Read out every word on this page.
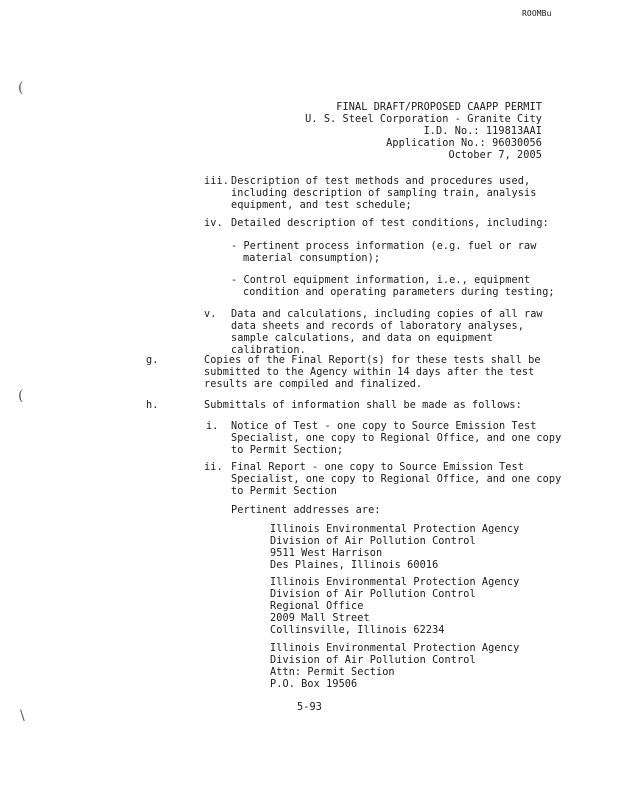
ROOMBu
FINAL DRAFT/PROPOSED CAAPP PERMIT
U. S. Steel Corporation - Granite City
I.D. No.: 119813AAI
Application No.: 96030056
October 7, 2005
iii. Description of test methods and procedures used,
including description of sampling train, analysis
equipment, and test schedule;
iv. Detailed description of test conditions, including:
- Pertinent process information (e.g. fuel or raw
material consumption);
- Control equipment information, i.e., equipment
condition and operating parameters during testing;
v. Data and calculations, including copies of all raw
data sheets and records of laboratory analyses,
sample calculations, and data on equipment
calibration.
g.	Copies of the Final Report(s) for these tests shall be
submitted to the Agency within 14 days after the test
results are compiled and finalized.
h.	Submittals of information shall be made as follows:
i. Notice of Test - one copy to Source Emission Test
Specialist, one copy to Regional Office, and one copy
to Permit Section;
ii. Final Report - one copy to Source Emission Test
Specialist, one copy to Regional Office, and one copy
to Permit Section
Pertinent addresses are:
Illinois Environmental Protection Agency
Division of Air Pollution Control
9511 West Harrison
Des Plaines, Illinois 60016
Illinois Environmental Protection Agency
Division of Air Pollution Control
Regional Office
2009 Mall Street
Collinsville, Illinois 62234
Illinois Environmental Protection Agency
Division of Air Pollution Control
Attn: Permit Section
P.O. Box 19506
5-93
(
(
\
